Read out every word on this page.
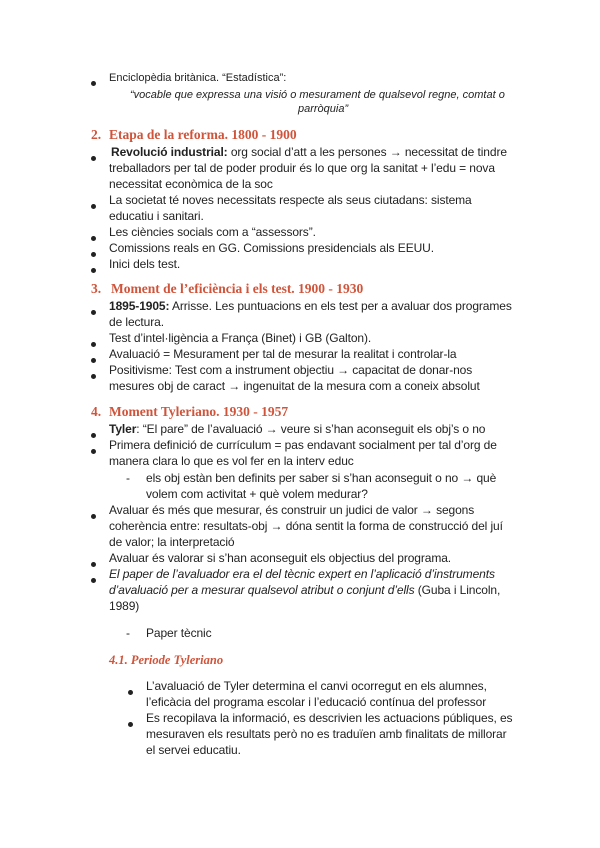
Enciclopèdia britànica. “Estadística”:
“vocable que expressa una visió o mesurament de qualsevol regne, comtat o
parròquia”
2. Etapa de la reforma. 1800 - 1900
Revolució industrial: org social d’att a les persones → necessitat de tindre
treballadors per tal de poder produir és lo que org la sanitat + l’edu = nova
necessitat econòmica de la soc
La societat té noves necessitats respecte als seus ciutadans: sistema
educatiu i sanitari.
Les ciències socials com a “assessors”.
Comissions reals en GG. Comissions presidencials als EEUU.
Inici dels test.
3. Moment de l’eficiència i els test. 1900 - 1930
1895-1905: Arrisse. Les puntuacions en els test per a avaluar dos programes
de lectura.
Test d’intel·ligència a França (Binet) i GB (Galton).
Avaluació = Mesurament per tal de mesurar la realitat i controlar-la
Positivisme: Test com a instrument objectiu → capacitat de donar-nos
mesures obj de caract → ingenuitat de la mesura com a coneix absolut
4. Moment Tyleriano. 1930 - 1957
Tyler: “El pare” de l’avaluació → veure si s’han aconseguit els obj’s o no
Primera definició de currículum = pas endavant socialment per tal d’org de
manera clara lo que es vol fer en la interv educ
- els obj estàn ben definits per saber si s’han aconseguit o no → què
volem com activitat + què volem medurar?
Avaluar és més que mesurar, és construir un judici de valor → segons
coherència entre: resultats-obj → dóna sentit la forma de construcció del juí
de valor; la interpretació
Avaluar és valorar si s’han aconseguit els objectius del programa.
El paper de l’avaluador era el del tècnic expert en l’aplicació d’instruments
d’avaluació per a mesurar qualsevol atribut o conjunt d’ells (Guba i Lincoln,
1989)
- Paper tècnic
4.1. Periode Tyleriano
L’avaluació de Tyler determina el canvi ocorregut en els alumnes,
l’eficàcia del programa escolar i l’educació contínua del professor
Es recopilava la informació, es descrivien les actuacions públiques, es
mesuraven els resultats però no es traduïen amb finalitats de millorar
el servei educatiu.
